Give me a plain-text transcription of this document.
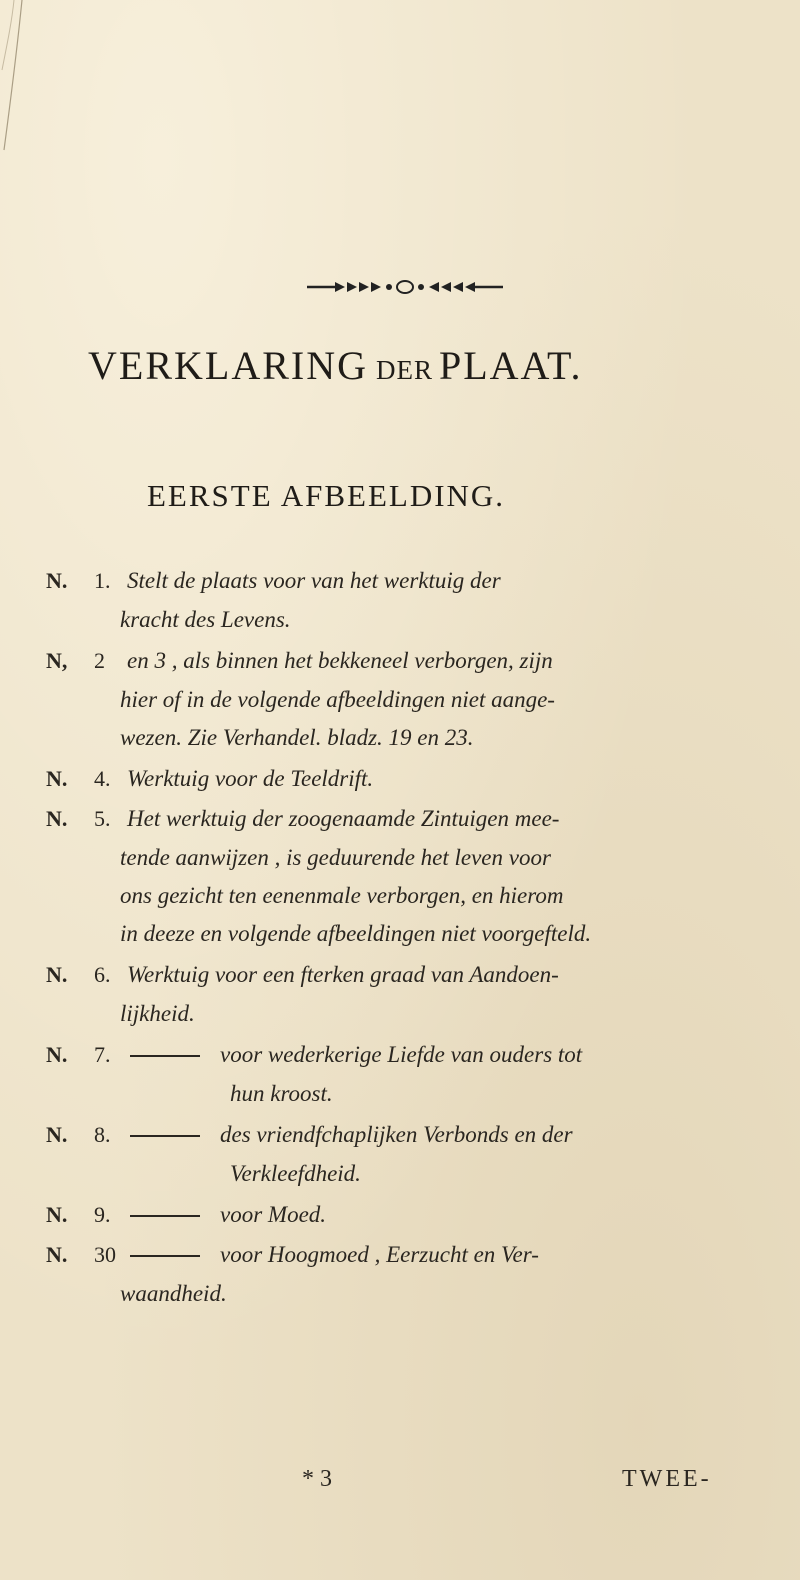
VERKLARING DER PLAAT.
EERSTE AFBEELDING.
N. 1. Stelt de plaats voor van het werktuig der
kracht des Levens.
N, 2 en 3 , als binnen het bekkeneel verborgen, zijn
hier of in de volgende afbeeldingen niet aange-
wezen. Zie Verhandel. bladz. 19 en 23.
N. 4. Werktuig voor de Teeldrift.
N. 5. Het werktuig der zoogenaamde Zintuigen mee-
tende aanwijzen , is geduurende het leven voor
ons gezicht ten eenenmale verborgen, en hierom
in deeze en volgende afbeeldingen niet voorgefteld.
N. 6. Werktuig voor een fterken graad van Aandoen-
lijkheid.
N. 7.	voor wederkerige Liefde van ouders tot
hun kroost.
N. 8.	des vriendfchaplijken Verbonds en der
Verkleefdheid.
N. 9.	voor Moed.
N. 30	voor Hoogmoed , Eerzucht en Ver-
waandheid.
* 3	TWEE-
